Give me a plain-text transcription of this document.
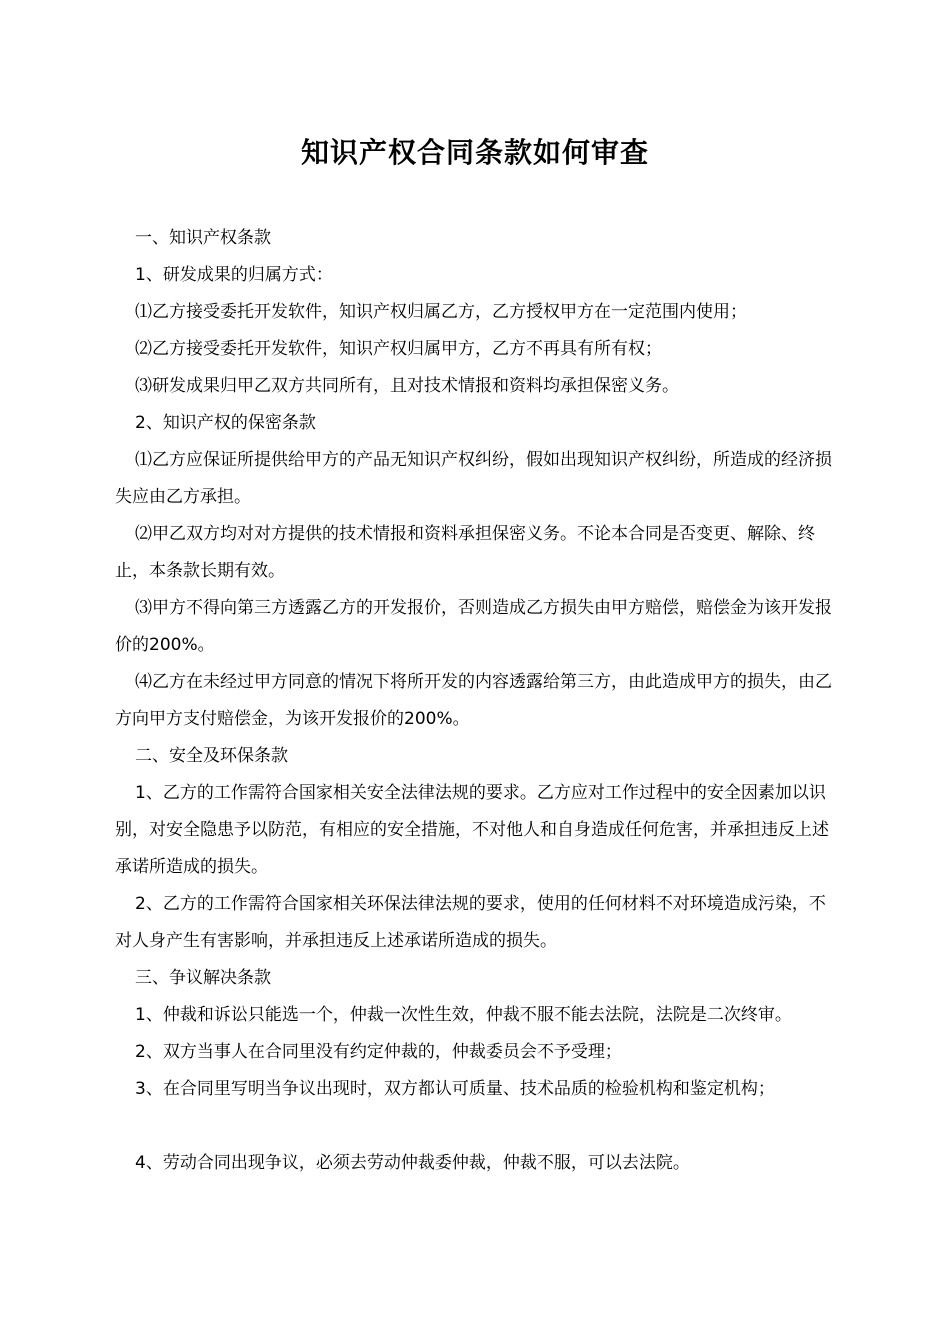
知识产权合同条款如何审查

一、知识产权条款

1、研发成果的归属方式：

⑴乙方接受委托开发软件，知识产权归属乙方，乙方授权甲方在一定范围内使用；

⑵乙方接受委托开发软件，知识产权归属甲方，乙方不再具有所有权；

⑶研发成果归甲乙双方共同所有，且对技术情报和资料均承担保密义务。

2、知识产权的保密条款

⑴乙方应保证所提供给甲方的产品无知识产权纠纷，假如出现知识产权纠纷，所造成的经济损失应由乙方承担。

⑵甲乙双方均对对方提供的技术情报和资料承担保密义务。不论本合同是否变更、解除、终止，本条款长期有效。

⑶甲方不得向第三方透露乙方的开发报价，否则造成乙方损失由甲方赔偿，赔偿金为该开发报价的200%。

⑷乙方在未经过甲方同意的情况下将所开发的内容透露给第三方，由此造成甲方的损失，由乙方向甲方支付赔偿金，为该开发报价的200%。

二、安全及环保条款

1、乙方的工作需符合国家相关安全法律法规的要求。乙方应对工作过程中的安全因素加以识别，对安全隐患予以防范，有相应的安全措施，不对他人和自身造成任何危害，并承担违反上述承诺所造成的损失。

2、乙方的工作需符合国家相关环保法律法规的要求，使用的任何材料不对环境造成污染，不对人身产生有害影响，并承担违反上述承诺所造成的损失。

三、争议解决条款

1、仲裁和诉讼只能选一个，仲裁一次性生效，仲裁不服不能去法院，法院是二次终审。

2、双方当事人在合同里没有约定仲裁的，仲裁委员会不予受理；

3、在合同里写明当争议出现时，双方都认可质量、技术品质的检验机构和鉴定机构；

4、劳动合同出现争议，必须去劳动仲裁委仲裁，仲裁不服，可以去法院。
